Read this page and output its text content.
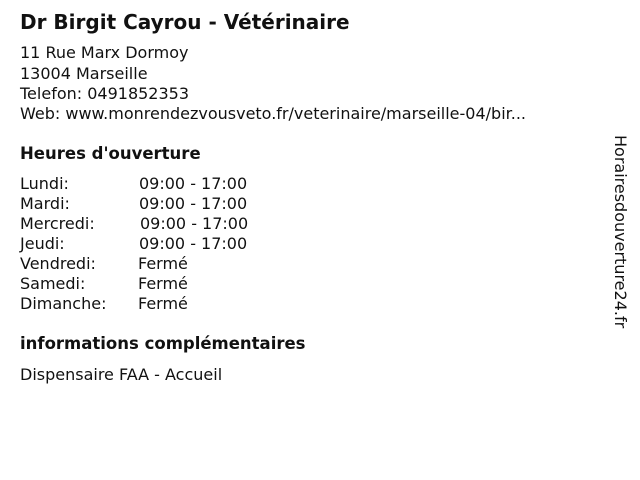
Dr Birgit Cayrou - Vétérinaire
11 Rue Marx Dormoy
13004 Marseille
Telefon: 0491852353
Web: www.monrendezvousveto.fr/veterinaire/marseille-04/bir...
Heures d'ouverture
Lundi:	09:00 - 17:00
Mardi:	09:00 - 17:00
Mercredi:	09:00 - 17:00
Jeudi:	09:00 - 17:00
Vendredi:	Fermé
Samedi:	Fermé
Dimanche: Fermé
informations complémentaires
Dispensaire FAA - Accueil
Horairesdouverture24.fr
